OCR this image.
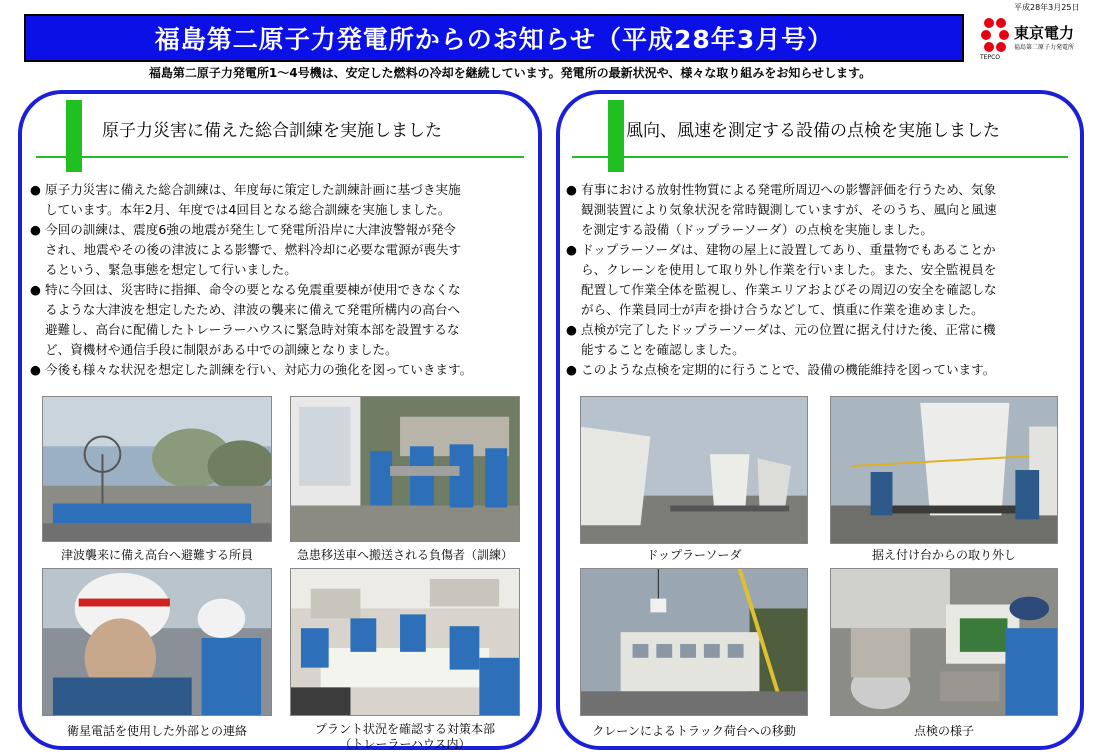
平成28年3月25日
福島第二原子力発電所からのお知らせ（平成28年3月号）	東京電力
福島第二原子力発電所
TEPCO
福島第二原子力発電所1～4号機は、安定した燃料の冷却を継続しています。発電所の最新状況や、様々な取り組みをお知らせします。
原子力災害に備えた総合訓練を実施しました
● 原子力災害に備えた総合訓練は、年度毎に策定した訓練計画に基づき実施
しています。本年2月、年度では4回目となる総合訓練を実施しました。
● 今回の訓練は、震度6強の地震が発生して発電所沿岸に大津波警報が発令
され、地震やその後の津波による影響で、燃料冷却に必要な電源が喪失す
るという、緊急事態を想定して行いました。
● 特に今回は、災害時に指揮、命令の要となる免震重要棟が使用できなくな
るような大津波を想定したため、津波の襲来に備えて発電所構内の高台へ
避難し、高台に配備したトレーラーハウスに緊急時対策本部を設置するな
ど、資機材や通信手段に制限がある中での訓練となりました。
● 今後も様々な状況を想定した訓練を行い、対応力の強化を図っていきます。
津波襲来に備え高台へ避難する所員	急患移送車へ搬送される負傷者（訓練）
衛星電話を使用した外部との連絡	プラント状況を確認する対策本部
（トレーラーハウス内）
風向、風速を測定する設備の点検を実施しました
● 有事における放射性物質による発電所周辺への影響評価を行うため、気象
観測装置により気象状況を常時観測していますが、そのうち、風向と風速
を測定する設備（ドップラーソーダ）の点検を実施しました。
● ドップラーソーダは、建物の屋上に設置してあり、重量物でもあることか
ら、クレーンを使用して取り外し作業を行いました。また、安全監視員を
配置して作業全体を監視し、作業エリアおよびその周辺の安全を確認しな
がら、作業員同士が声を掛け合うなどして、慎重に作業を進めました。
● 点検が完了したドップラーソーダは、元の位置に据え付けた後、正常に機
能することを確認しました。
● このような点検を定期的に行うことで、設備の機能維持を図っています。
ドップラーソーダ	据え付け台からの取り外し
クレーンによるトラック荷台への移動	点検の様子
